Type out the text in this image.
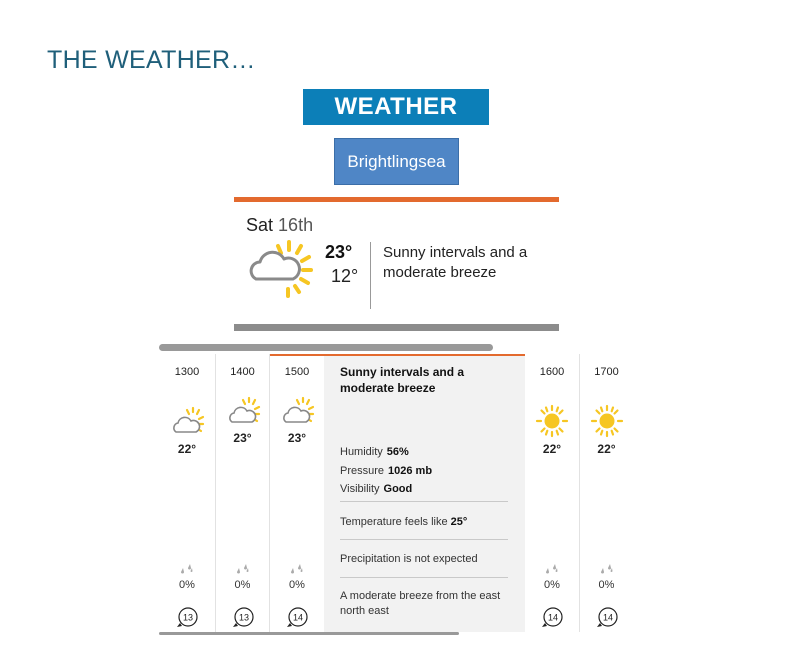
THE WEATHER…
WEATHER
Brightlingsea
Sat 16th
23°
12°
Sunny intervals and a moderate breeze
1300
22°
0%
13
1400
23°
0%
13
1500
23°
0%
14
Sunny intervals and a moderate breeze
Humidity 56%
Pressure 1026 mb
Visibility Good
Temperature feels like 25°
Precipitation is not expected
A moderate breeze from the east north east
1600
22°
0%
14
1700
22°
0%
14
